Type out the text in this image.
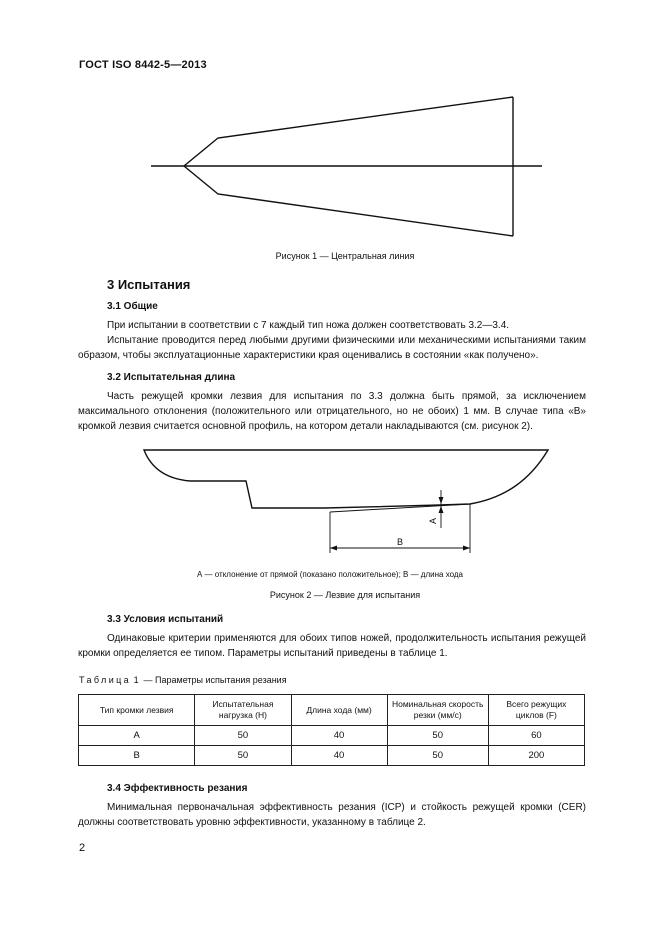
ГОСТ ISO 8442-5—2013
Рисунок 1 — Центральная линия
3 Испытания
3.1 Общие
При испытании в соответствии с 7 каждый тип ножа должен соответствовать 3.2—3.4.
Испытание проводится перед любыми другими физическими или механическими испытаниями таким образом, чтобы эксплуатационные характеристики края оценивались в состоянии «как получено».
3.2 Испытательная длина
Часть режущей кромки лезвия для испытания по 3.3 должна быть прямой, за исключением максимального отклонения (положительного или отрицательного, но не обоих) 1 мм. В случае типа «В» кромкой лезвия считается основной профиль, на котором детали накладываются (см. рисунок 2).
А
В
А — отклонение от прямой (показано положительное); В — длина хода
Рисунок 2 — Лезвие для испытания
3.3 Условия испытаний
Одинаковые критерии применяются для обоих типов ножей, продолжительность испытания режущей кромки определяется ее типом. Параметры испытаний приведены в таблице 1.
Таблица 1 — Параметры испытания резания
Тип кромки лезвия	Испытательная нагрузка (Н)	Длина хода (мм)	Номинальная скорость резки (мм/с)	Всего режущих циклов (F)
А	50	40	50	60
В	50	40	50	200
3.4 Эффективность резания
Минимальная первоначальная эффективность резания (ICP) и стойкость режущей кромки (CER) должны соответствовать уровню эффективности, указанному в таблице 2.
2
